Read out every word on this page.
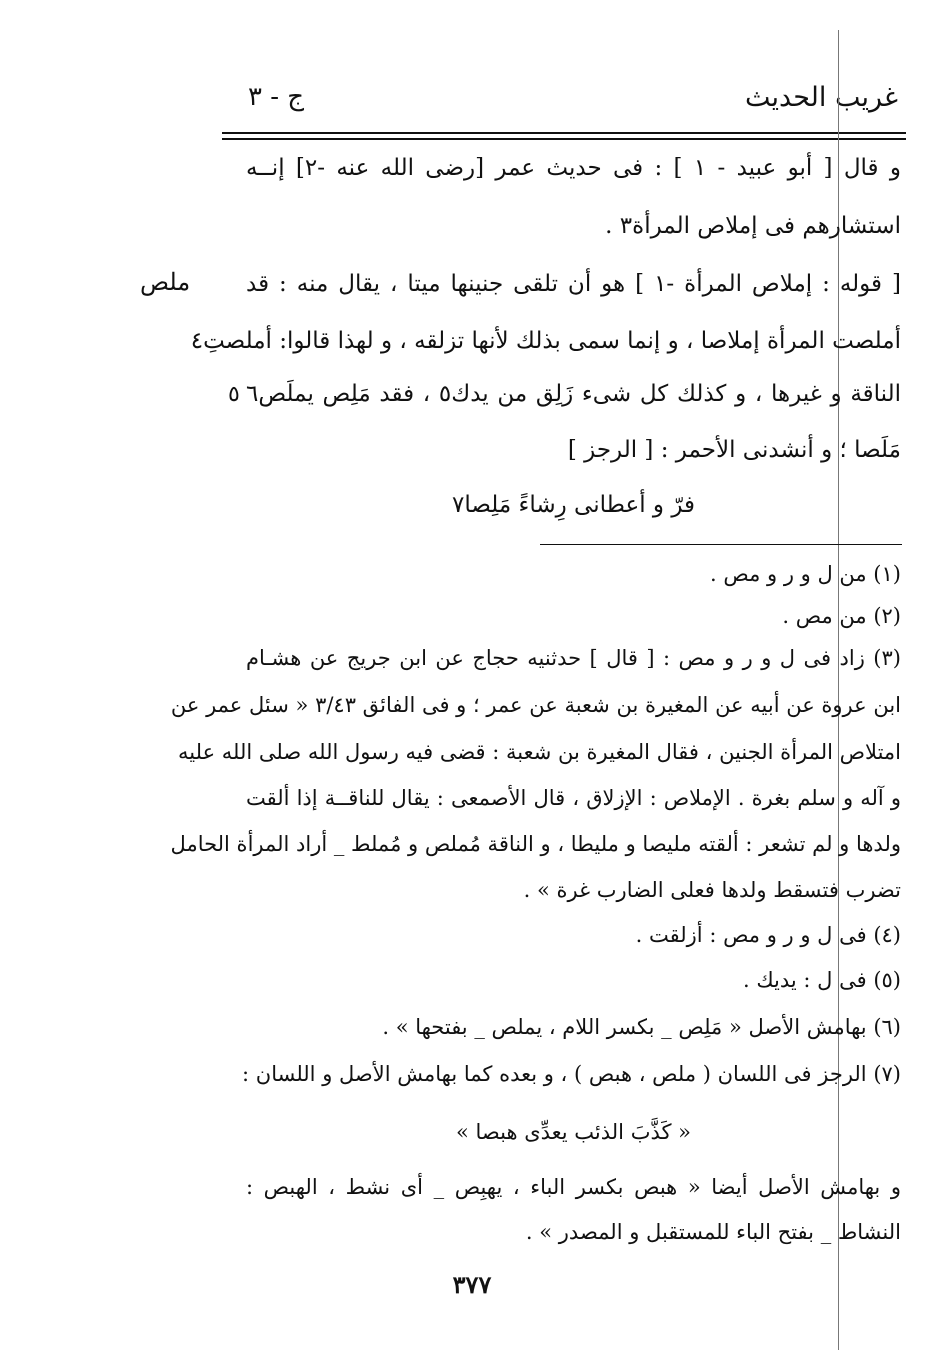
ج - ٣	غريب الحديث
ملص
٥
و قال [ أبو عبيد - ١ ] : فى حديث عمر [رضى الله عنه -٢] إنــه
استشارهم فى إملاص المرأة٣ .
[ قوله : إملاص المرأة -١ ] هو أن تلقى جنينها ميتا ، يقال منه : قد
أملصت المرأة إملاصا ، و إنما سمى بذلك لأنها تزلقه ، و لهذا قالوا: أملصتِ٤
الناقة و غيرها ، و كذلك كل شىء زَلِق من يدك٥ ، فقد مَلِص يملَص٦
مَلَصا ؛ و أنشدنى الأحمر : [ الرجز ]
فرّ و أعطانى رِشاءً مَلِصا٧
(١) من ل و ر و مص .
(٢) من مص .
(٣) زاد فى ل و ر و مص : [ قال ] حدثنيه حجاج عن ابن جريج عن هشـام
ابن عروة عن أبيه عن المغيرة بن شعبة عن عمر ؛ و فى الفائق ٣/٤٣ « سئل عمر عن
امتلاص المرأة الجنين ، فقال المغيرة بن شعبة : قضى فيه رسول الله صلى الله عليه
و آله و سلم بغرة . الإملاص : الإزلاق ، قال الأصمعى : يقال للناقــة إذا ألقت
ولدها و لم تشعر : ألقته مليصا و مليطا ، و الناقة مُملص و مُملط _ أراد المرأة الحامل
تضرب فتسقط ولدها فعلى الضارب غرة » .
(٤) فى ل و ر و مص : أزلقت .
(٥) فى ل : يديك .
(٦) بهامش الأصل « مَلِص _ بكسر اللام ، يملص _ بفتحها » .
(٧) الرجز فى اللسان ( ملص ، هبص ) ، و بعده كما بهامش الأصل و اللسان :
« كَذَّبَ الذئب يعدِّى هبصا »
و بهامش الأصل أيضا « هبص بكسر الباء ، يهبِص _ أى نشط ، الهبص :
النشاط _ بفتح الباء للمستقبل و المصدر » .
٣٧٧
